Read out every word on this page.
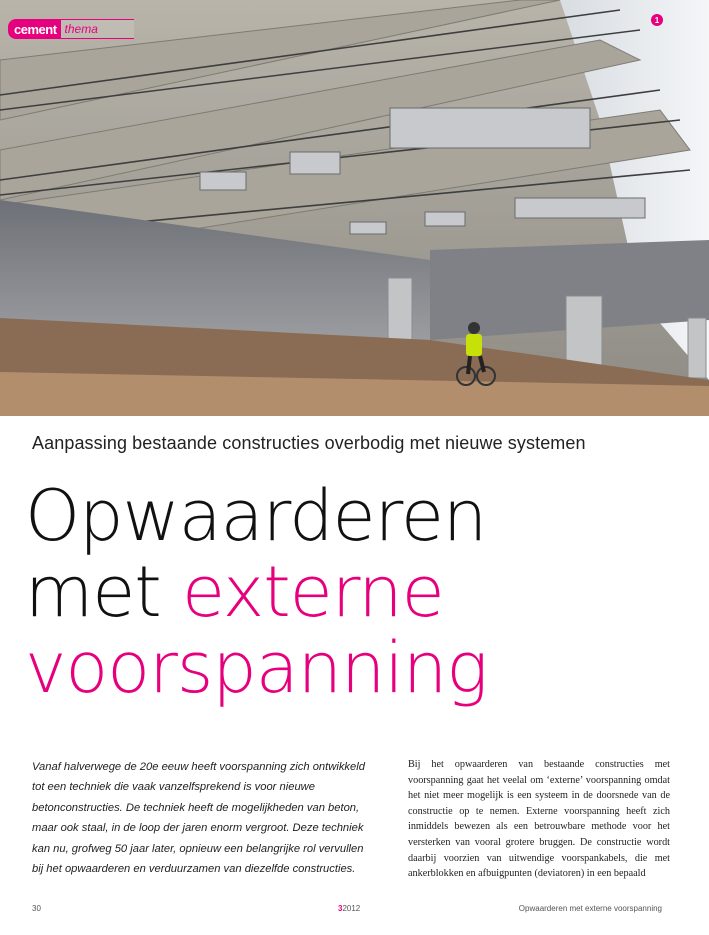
cement thema
1
Aanpassing bestaande constructies overbodig met nieuwe systemen
Opwaarderen
met externe
voorspanning
Vanaf halverwege de 20e eeuw heeft voorspanning zich ontwikkeld tot een techniek die vaak vanzelfsprekend is voor nieuwe betonconstructies. De techniek heeft de mogelijkheden van beton, maar ook staal, in de loop der jaren enorm vergroot. Deze techniek kan nu, grofweg 50 jaar later, opnieuw een belangrijke rol vervullen bij het opwaarderen en verduurzamen van diezelfde constructies.
Bij het opwaarderen van bestaande constructies met voorspanning gaat het veelal om ‘externe’ voorspanning omdat het niet meer mogelijk is een systeem in de doorsnede van de constructie op te nemen. Externe voorspanning heeft zich inmiddels bewezen als een betrouwbare methode voor het versterken van vooral grotere bruggen. De constructie wordt daarbij voorzien van uitwendige voorspankabels, die met ankerblokken en afbuigpunten (deviatoren) in een bepaald
30	32012	Opwaarderen met externe voorspanning
